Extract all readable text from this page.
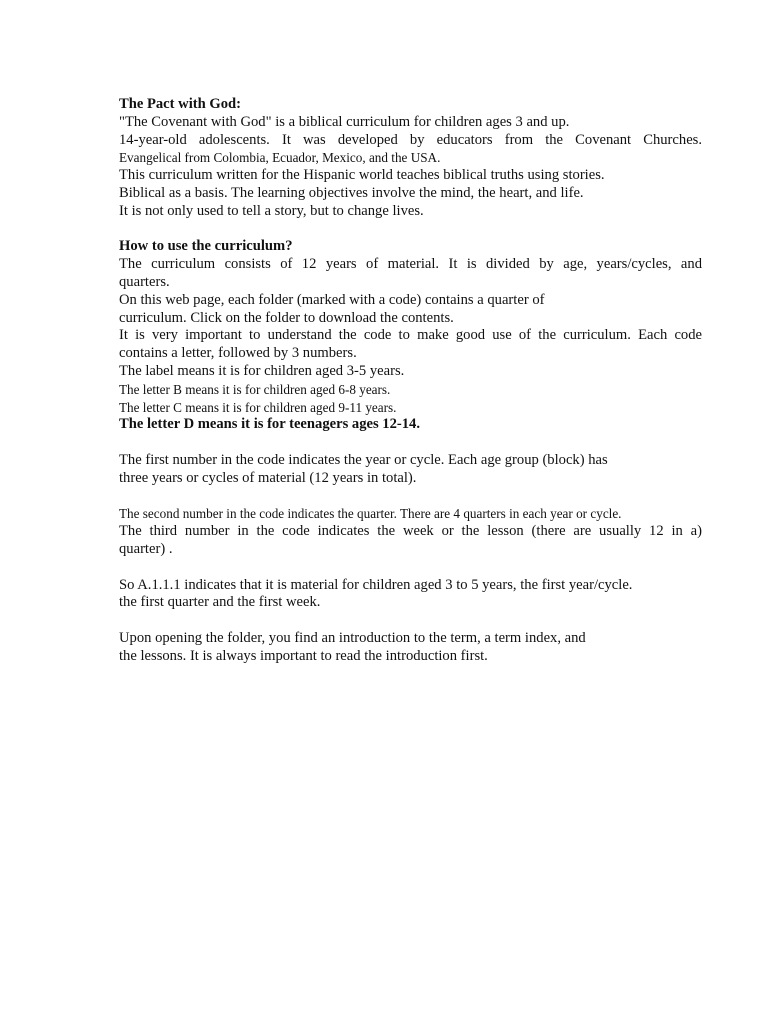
The Pact with God:
"The Covenant with God" is a biblical curriculum for children ages 3 and up.
14-year-old adolescents. It was developed by educators from the Covenant Churches.
Evangelical from Colombia, Ecuador, Mexico, and the USA.
This curriculum written for the Hispanic world teaches biblical truths using stories.
Biblical as a basis. The learning objectives involve the mind, the heart, and life.
It is not only used to tell a story, but to change lives.
How to use the curriculum?
The curriculum consists of 12 years of material. It is divided by age, years/cycles, and
quarters.
On this web page, each folder (marked with a code) contains a quarter of
curriculum. Click on the folder to download the contents.
It is very important to understand the code to make good use of the curriculum. Each code
contains a letter, followed by 3 numbers.
The label means it is for children aged 3-5 years.
The letter B means it is for children aged 6-8 years.
The letter C means it is for children aged 9-11 years.
The letter D means it is for teenagers ages 12-14.
The first number in the code indicates the year or cycle. Each age group (block) has
three years or cycles of material (12 years in total).
The second number in the code indicates the quarter. There are 4 quarters in each year or cycle.
The third number in the code indicates the week or the lesson (there are usually 12 in a)
quarter) .
So A.1.1.1 indicates that it is material for children aged 3 to 5 years, the first year/cycle.
the first quarter and the first week.
Upon opening the folder, you find an introduction to the term, a term index, and
the lessons. It is always important to read the introduction first.
